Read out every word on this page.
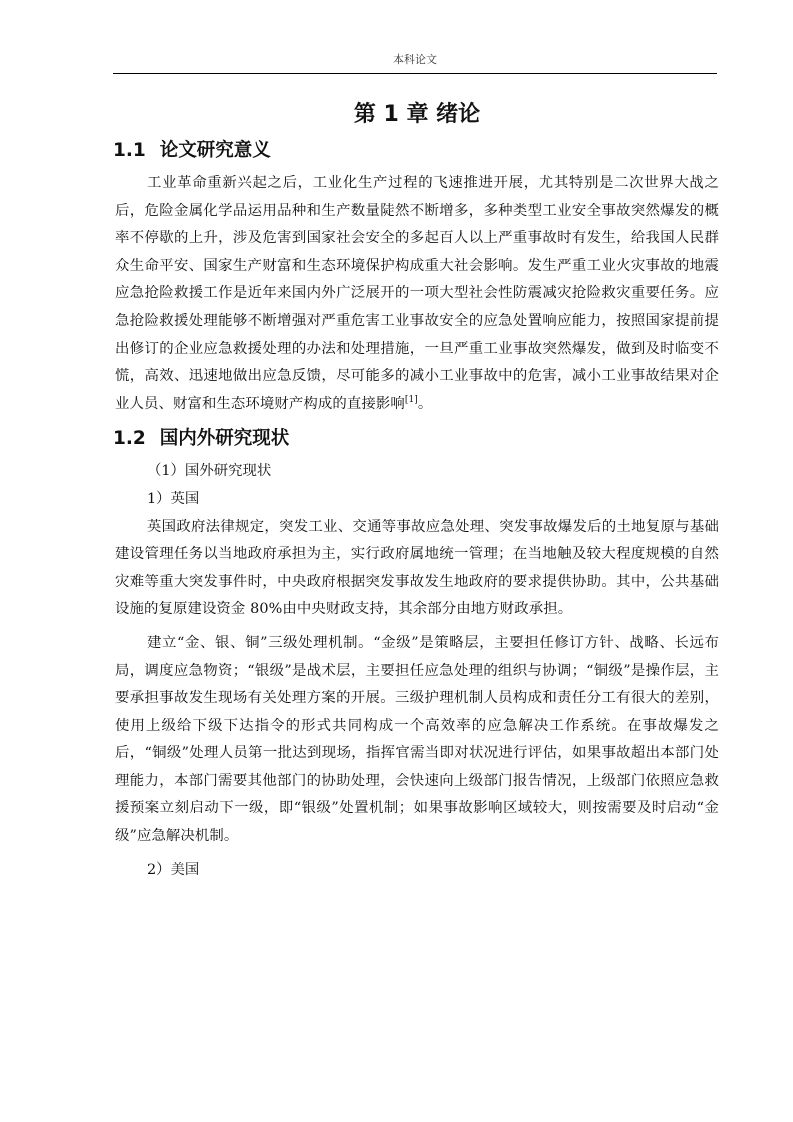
本科论文
第 1 章 绪论
1.1 论文研究意义

工业革命重新兴起之后，工业化生产过程的飞速推进开展，尤其特别是二次世界大战之后，危险金属化学品运用品种和生产数量陡然不断增多，多种类型工业安全事故突然爆发的概率不停歇的上升，涉及危害到国家社会安全的多起百人以上严重事故时有发生，给我国人民群众生命平安、国家生产财富和生态环境保护构成重大社会影响。发生严重工业火灾事故的地震应急抢险救援工作是近年来国内外广泛展开的一项大型社会性防震减灾抢险救灾重要任务。应急抢险救援处理能够不断增强对严重危害工业事故安全的应急处置响应能力，按照国家提前提出修订的企业应急救援处理的办法和处理措施，一旦严重工业事故突然爆发，做到及时临变不慌，高效、迅速地做出应急反馈，尽可能多的减小工业事故中的危害，减小工业事故结果对企业人员、财富和生态环境财产构成的直接影响[1]。

1.2 国内外研究现状

（1）国外研究现状

1）英国

英国政府法律规定，突发工业、交通等事故应急处理、突发事故爆发后的土地复原与基础建设管理任务以当地政府承担为主，实行政府属地统一管理；在当地触及较大程度规模的自然灾难等重大突发事件时，中央政府根据突发事故发生地政府的要求提供协助。其中，公共基础设施的复原建设资金 80%由中央财政支持，其余部分由地方财政承担。

建立“金、银、铜”三级处理机制。“金级”是策略层，主要担任修订方针、战略、长远布局，调度应急物资；“银级”是战术层，主要担任应急处理的组织与协调；“铜级”是操作层，主要承担事故发生现场有关处理方案的开展。三级护理机制人员构成和责任分工有很大的差别，使用上级给下级下达指令的形式共同构成一个高效率的应急解决工作系统。在事故爆发之后，“铜级”处理人员第一批达到现场，指挥官需当即对状况进行评估，如果事故超出本部门处理能力，本部门需要其他部门的协助处理，会快速向上级部门报告情况，上级部门依照应急救援预案立刻启动下一级，即“银级”处置机制；如果事故影响区域较大，则按需要及时启动“金级”应急解决机制。

2）美国
